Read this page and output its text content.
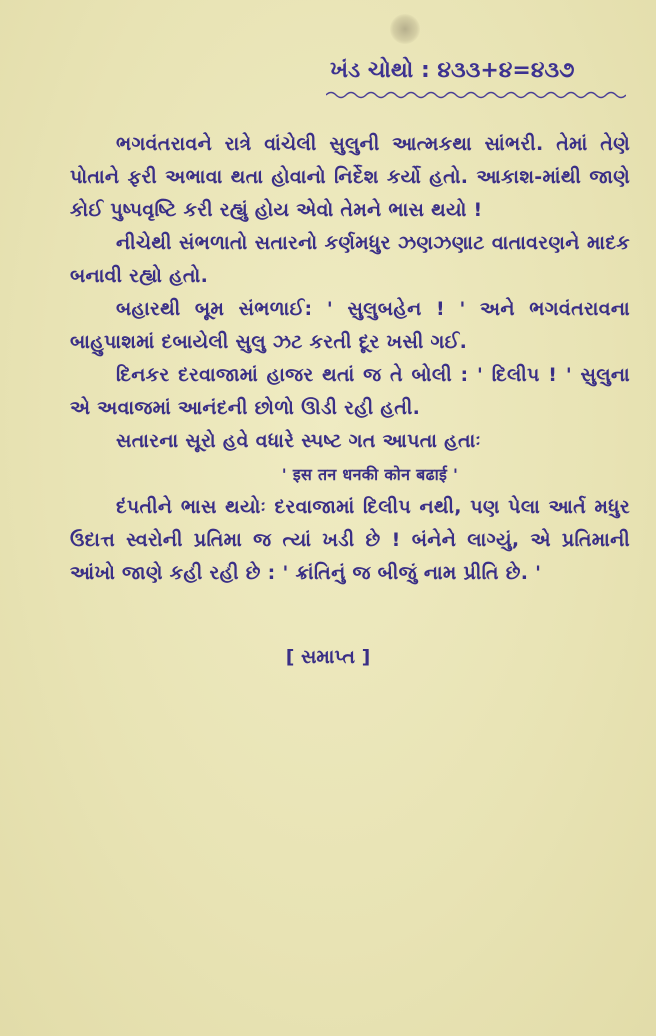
ખંડ ચોથો : ૪૩૩+૪=૪૩૭

ભગવંતરાવને રાત્રે વાંચેલી સુલુની આત્મકથા સાંભરી. તેમાં તેણે પોતાને ફરી અભાવા થતા હોવાનો નિર્દેશ કર્યો હતો. આકાશ-માંથી જાણે કોઈ પુષ્પવૃષ્ટિ કરી રહ્યું હોય એવો તેમને ભાસ થયો !

નીચેથી સંભળાતો સતારનો કર્ણમધુર ઝણઝણાટ વાતાવરણને માદક બનાવી રહ્યો હતો.

બહારથી બૂમ સંભળાઈ: ' સુલુબહેન ! ' અને ભગવંતરાવના બાહુપાશમાં દબાયેલી સુલુ ઝટ કરતી દૂર ખસી ગઈ.

દિનકર દરવાજામાં હાજર થતાં જ તે બોલી : ' દિલીપ ! ' સુલુના એ અવાજમાં આનંદની છોળો ઊડી રહી હતી.

સતારના સૂરો હવે વધારે સ્પષ્ટ ગત આપતા હતાઃ

' इस तन धनकी कोन बढाई '

દંપતીને ભાસ થયોઃ દરવાજામાં દિલીપ નથી, પણ પેલા આર્ત મધુર ઉદાત્ત સ્વરોની પ્રતિમા જ ત્યાં ખડી છે ! બંનેને લાગ્યું, એ પ્રતિમાની આંખો જાણે કહી રહી છે : ' ક્રાંતિનું જ બીજું નામ પ્રીતિ છે. '

[ સમાપ્ત ]
